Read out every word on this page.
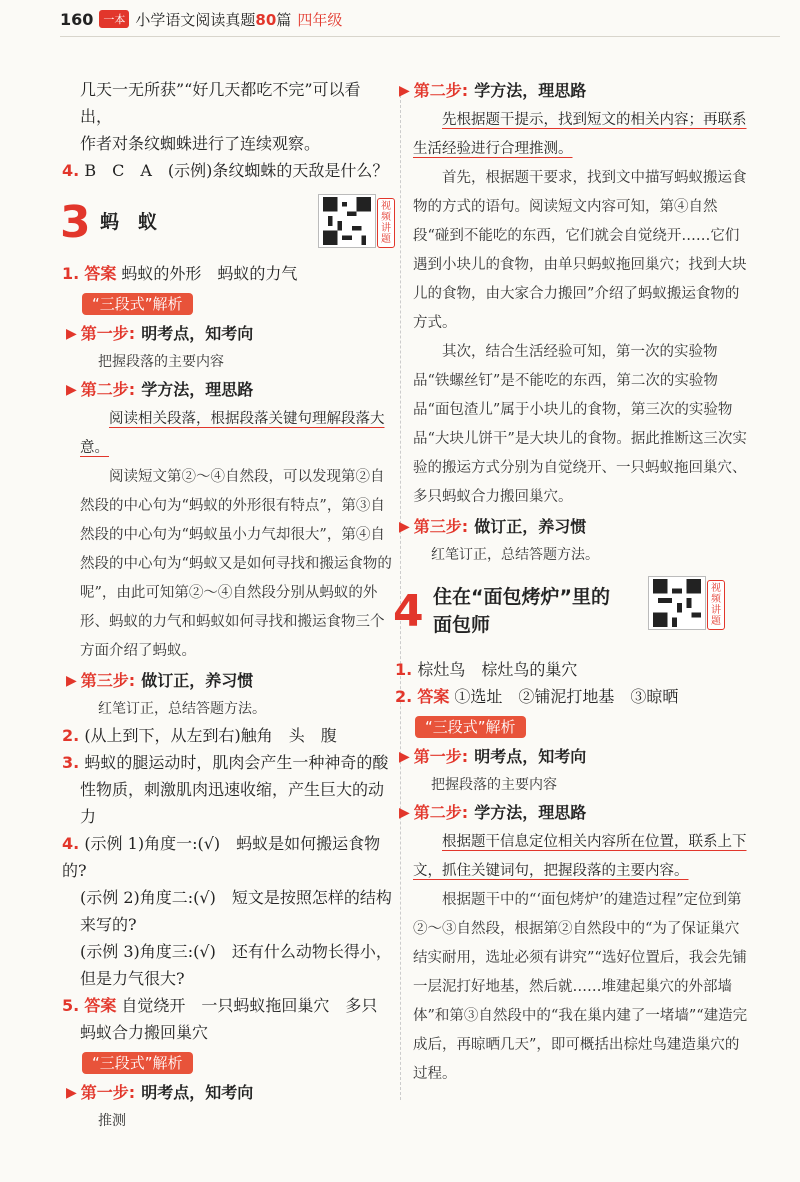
160 一本 小学语文阅读真题80篇 四年级

几天一无所获”“好几天都吃不完”可以看出，

作者对条纹蜘蛛进行了连续观察。

4. B　C　A　(示例)条纹蜘蛛的天敌是什么？

3 蚂　蚁
视频讲题

1. 答案 蚂蚁的外形　蚂蚁的力气

“三段式”解析
▶ 第一步: 明考点，知考向

把握段落的主要内容

▶ 第二步: 学方法，理思路

阅读相关段落，根据段落关键句理解段落大意。

阅读短文第②～④自然段，可以发现第②自然段的中心句为“蚂蚁的外形很有特点”，第③自然段的中心句为“蚂蚁虽小力气却很大”，第④自然段的中心句为“蚂蚁又是如何寻找和搬运食物的呢”，由此可知第②～④自然段分别从蚂蚁的外形、蚂蚁的力气和蚂蚁如何寻找和搬运食物三个方面介绍了蚂蚁。

▶ 第三步: 做订正，养习惯

红笔订正，总结答题方法。

2. (从上到下，从左到右)触角　头　腹

3. 蚂蚁的腿运动时，肌肉会产生一种神奇的酸性物质，刺激肌肉迅速收缩，产生巨大的动力

4. (示例 1)角度一:(√)　蚂蚁是如何搬运食物的?

(示例 2)角度二:(√)　短文是按照怎样的结构来写的?

(示例 3)角度三:(√)　还有什么动物长得小，但是力气很大?

5. 答案 自觉绕开　一只蚂蚁拖回巢穴　多只蚂蚁合力搬回巢穴

“三段式”解析
▶ 第一步: 明考点，知考向

推测

▶ 第二步: 学方法，理思路

先根据题干提示，找到短文的相关内容；再联系生活经验进行合理推测。

首先，根据题干要求，找到文中描写蚂蚁搬运食物的方式的语句。阅读短文内容可知，第④自然段“碰到不能吃的东西，它们就会自觉绕开……它们遇到小块儿的食物，由单只蚂蚁拖回巢穴；找到大块儿的食物，由大家合力搬回”介绍了蚂蚁搬运食物的方式。

其次，结合生活经验可知，第一次的实验物品“铁螺丝钉”是不能吃的东西，第二次的实验物品“面包渣儿”属于小块儿的食物，第三次的实验物品“大块儿饼干”是大块儿的食物。据此推断这三次实验的搬运方式分别为自觉绕开、一只蚂蚁拖回巢穴、多只蚂蚁合力搬回巢穴。

▶ 第三步: 做订正，养习惯

红笔订正，总结答题方法。

4 住在“面包烤炉”里的
面包师
视频讲题

1. 棕灶鸟　棕灶鸟的巢穴

2. 答案 ①选址　②铺泥打地基　③晾晒

“三段式”解析
▶ 第一步: 明考点，知考向

把握段落的主要内容

▶ 第二步: 学方法，理思路

根据题干信息定位相关内容所在位置，联系上下文，抓住关键词句，把握段落的主要内容。

根据题干中的“‘面包烤炉’的建造过程”定位到第②～③自然段，根据第②自然段中的“为了保证巢穴结实耐用，选址必须有讲究”“选好位置后，我会先铺一层泥打好地基，然后就……堆建起巢穴的外部墙体”和第③自然段中的“我在巢内建了一堵墙”“建造完成后，再晾晒几天”，即可概括出棕灶鸟建造巢穴的过程。
